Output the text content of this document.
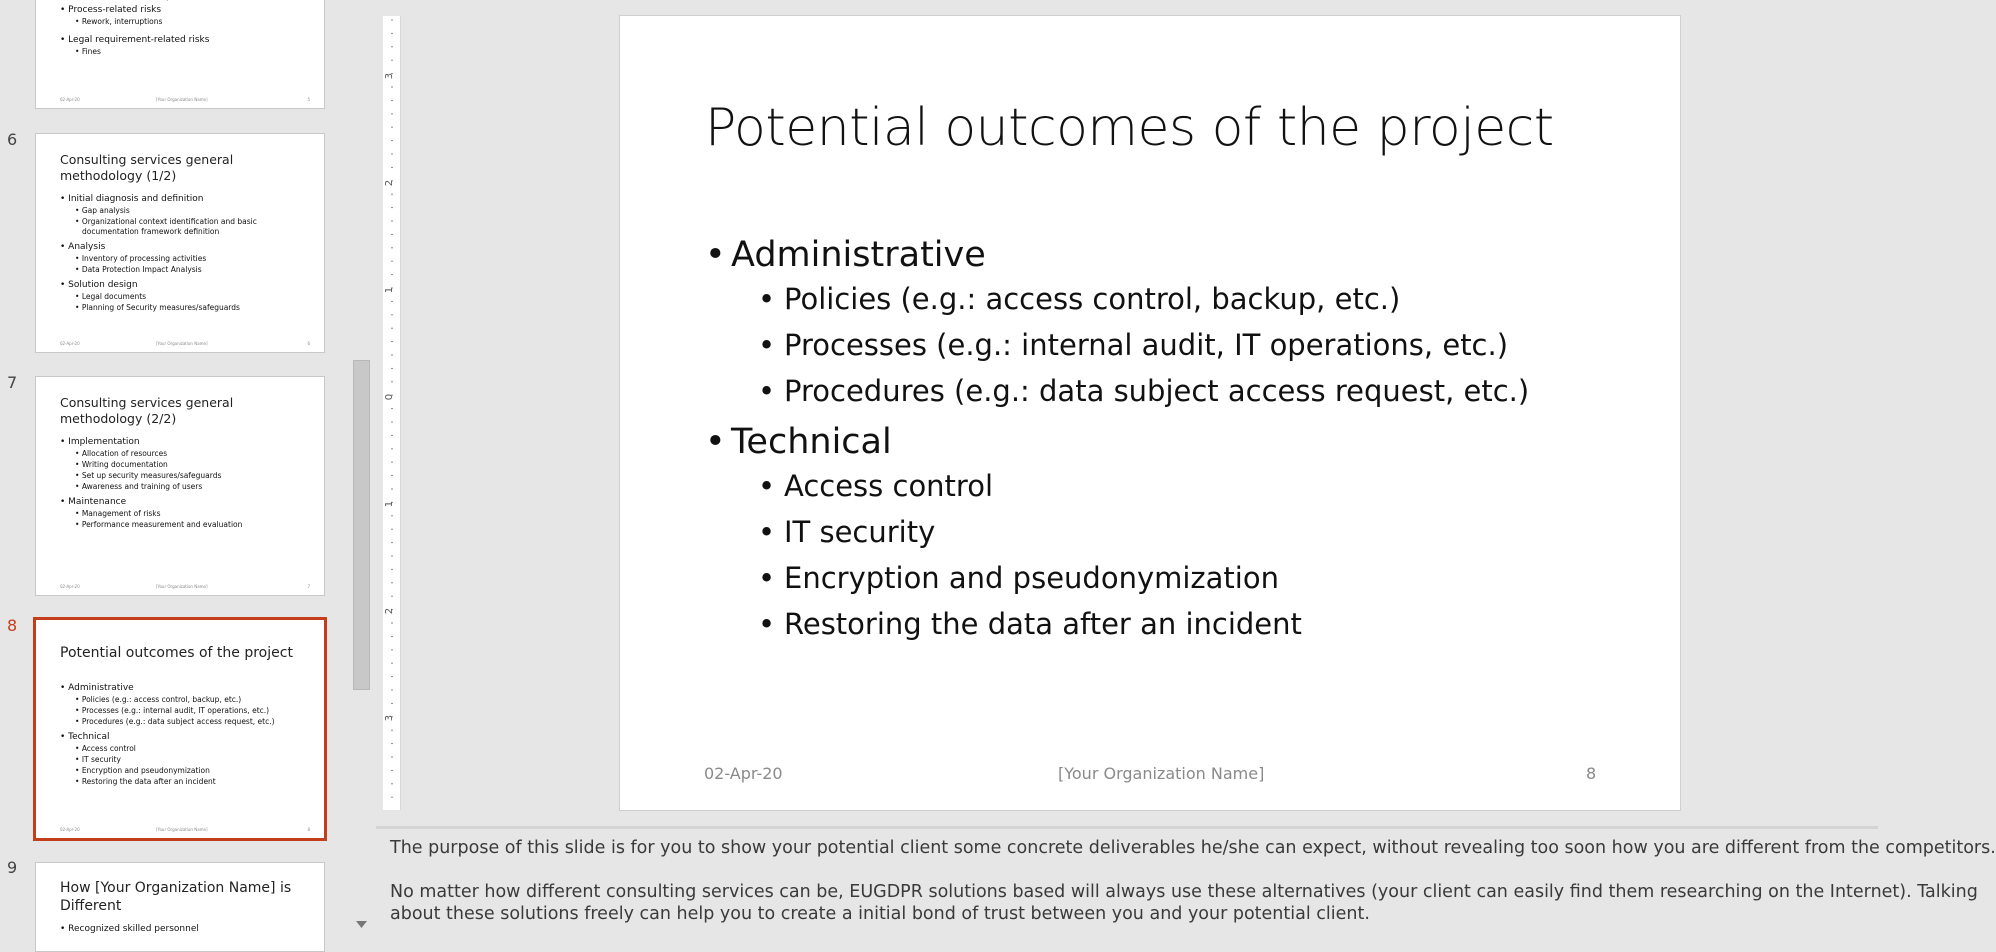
•
• Process-related risks
• Rework, interruptions
• Legal requirement-related risks
• Fines
02-Apr-20	[Your Organization Name]	5
6
Consulting services general methodology (1/2)
• Initial diagnosis and definition
• Gap analysis
• Organizational context identification and basic documentation framework definition
• Analysis
• Inventory of processing activities
• Data Protection Impact Analysis
• Solution design
• Legal documents
• Planning of Security measures/safeguards
02-Apr-20	[Your Organization Name]	6
7
Consulting services general methodology (2/2)
• Implementation
• Allocation of resources
• Writing documentation
• Set up security measures/safeguards
• Awareness and training of users
• Maintenance
• Management of risks
• Performance measurement and evaluation
02-Apr-20	[Your Organization Name]	7
8
Potential outcomes of the project
• Administrative
• Policies (e.g.: access control, backup, etc.)
• Processes (e.g.: internal audit, IT operations, etc.)
• Procedures (e.g.: data subject access request, etc.)
• Technical
• Access control
• IT security
• Encryption and pseudonymization
• Restoring the data after an incident
02-Apr-20	[Your Organization Name]	8
9
How [Your Organization Name] is Different
• Recognized skilled personnel
3
2
1
0
1
2
3
Potential outcomes of the project
• Administrative
• Policies (e.g.: access control, backup, etc.)
• Processes (e.g.: internal audit, IT operations, etc.)
• Procedures (e.g.: data subject access request, etc.)
• Technical
• Access control
• IT security
• Encryption and pseudonymization
• Restoring the data after an incident
02-Apr-20	[Your Organization Name]	8
The purpose of this slide is for you to show your potential client some concrete deliverables he/she can expect, without revealing too soon how you are different from the competitors.
No matter how different consulting services can be, EUGDPR solutions based will always use these alternatives (your client can easily find them researching on the Internet). Talking
about these solutions freely can help you to create a initial bond of trust between you and your potential client.
